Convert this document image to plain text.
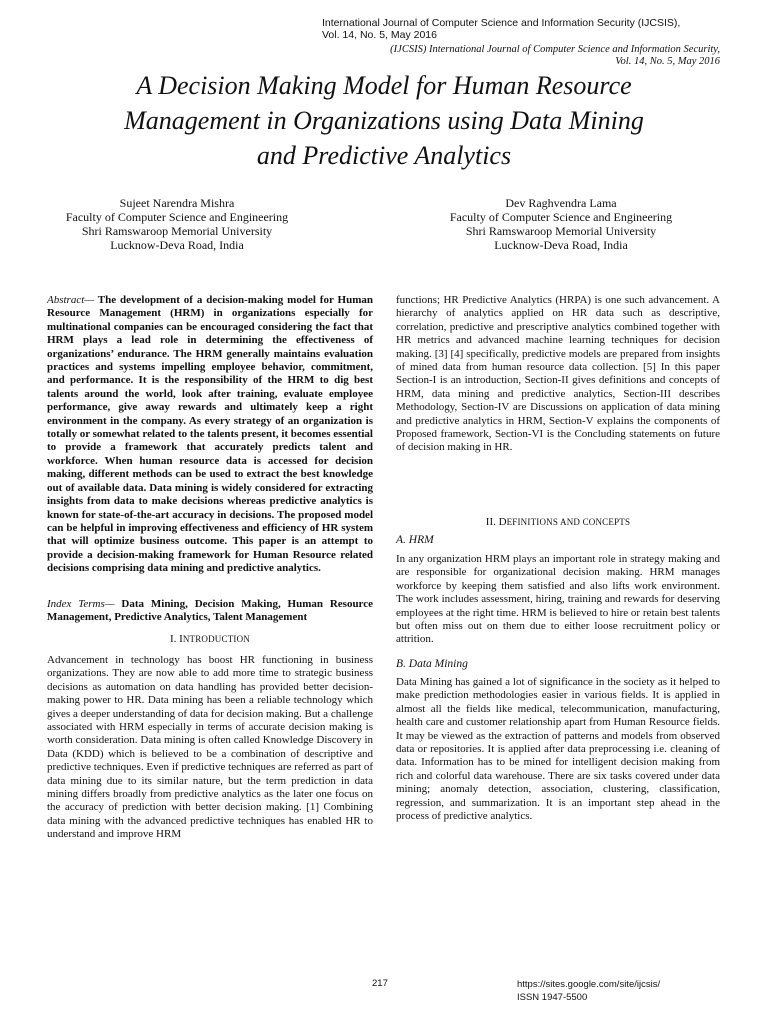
International Journal of Computer Science and Information Security (IJCSIS),
Vol. 14, No. 5, May 2016
(IJCSIS) International Journal of Computer Science and Information Security,
Vol. 14, No. 5, May 2016
A Decision Making Model for Human Resource
Management in Organizations using Data Mining
and Predictive Analytics
Sujeet Narendra Mishra
Faculty of Computer Science and Engineering
Shri Ramswaroop Memorial University
Lucknow-Deva Road, India
Dev Raghvendra Lama
Faculty of Computer Science and Engineering
Shri Ramswaroop Memorial University
Lucknow-Deva Road, India
Abstract— The development of a decision-making model for Human Resource Management (HRM) in organizations especially for multinational companies can be encouraged considering the fact that HRM plays a lead role in determining the effectiveness of organizations’ endurance. The HRM generally maintains evaluation practices and systems impelling employee behavior, commitment, and performance. It is the responsibility of the HRM to dig best talents around the world, look after training, evaluate employee performance, give away rewards and ultimately keep a right environment in the company. As every strategy of an organization is totally or somewhat related to the talents present, it becomes essential to provide a framework that accurately predicts talent and workforce. When human resource data is accessed for decision making, different methods can be used to extract the best knowledge out of available data. Data mining is widely considered for extracting insights from data to make decisions whereas predictive analytics is known for state-of-the-art accuracy in decisions. The proposed model can be helpful in improving effectiveness and efficiency of HR system that will optimize business outcome. This paper is an attempt to provide a decision-making framework for Human Resource related decisions comprising data mining and predictive analytics.
Index Terms— Data Mining, Decision Making, Human Resource Management, Predictive Analytics, Talent Management
I. INTRODUCTION
Advancement in technology has boost HR functioning in business organizations. They are now able to add more time to strategic business decisions as automation on data handling has provided better decision-making power to HR. Data mining has been a reliable technology which gives a deeper understanding of data for decision making. But a challenge associated with HRM especially in terms of accurate decision making is worth consideration. Data mining is often called Knowledge Discovery in Data (KDD) which is believed to be a combination of descriptive and predictive techniques. Even if predictive techniques are referred as part of data mining due to its similar nature, but the term prediction in data mining differs broadly from predictive analytics as the later one focus on the accuracy of prediction with better decision making. [1] Combining data mining with the advanced predictive techniques has enabled HR to understand and improve HRM
functions; HR Predictive Analytics (HRPA) is one such advancement. A hierarchy of analytics applied on HR data such as descriptive, correlation, predictive and prescriptive analytics combined together with HR metrics and advanced machine learning techniques for decision making. [3] [4] specifically, predictive models are prepared from insights of mined data from human resource data collection. [5] In this paper Section-I is an introduction, Section-II gives definitions and concepts of HRM, data mining and predictive analytics, Section-III describes Methodology, Section-IV are Discussions on application of data mining and predictive analytics in HRM, Section-V explains the components of Proposed framework, Section-VI is the Concluding statements on future of decision making in HR.
II. DEFINITIONS AND CONCEPTS
A. HRM
In any organization HRM plays an important role in strategy making and are responsible for organizational decision making. HRM manages workforce by keeping them satisfied and also lifts work environment. The work includes assessment, hiring, training and rewards for deserving employees at the right time. HRM is believed to hire or retain best talents but often miss out on them due to either loose recruitment policy or attrition.
B. Data Mining
Data Mining has gained a lot of significance in the society as it helped to make prediction methodologies easier in various fields. It is applied in almost all the fields like medical, telecommunication, manufacturing, health care and customer relationship apart from Human Resource fields. It may be viewed as the extraction of patterns and models from observed data or repositories. It is applied after data preprocessing i.e. cleaning of data. Information has to be mined for intelligent decision making from rich and colorful data warehouse. There are six tasks covered under data mining; anomaly detection, association, clustering, classification, regression, and summarization. It is an important step ahead in the process of predictive analytics.
217	https://sites.google.com/site/ijcsis/
ISSN 1947-5500
